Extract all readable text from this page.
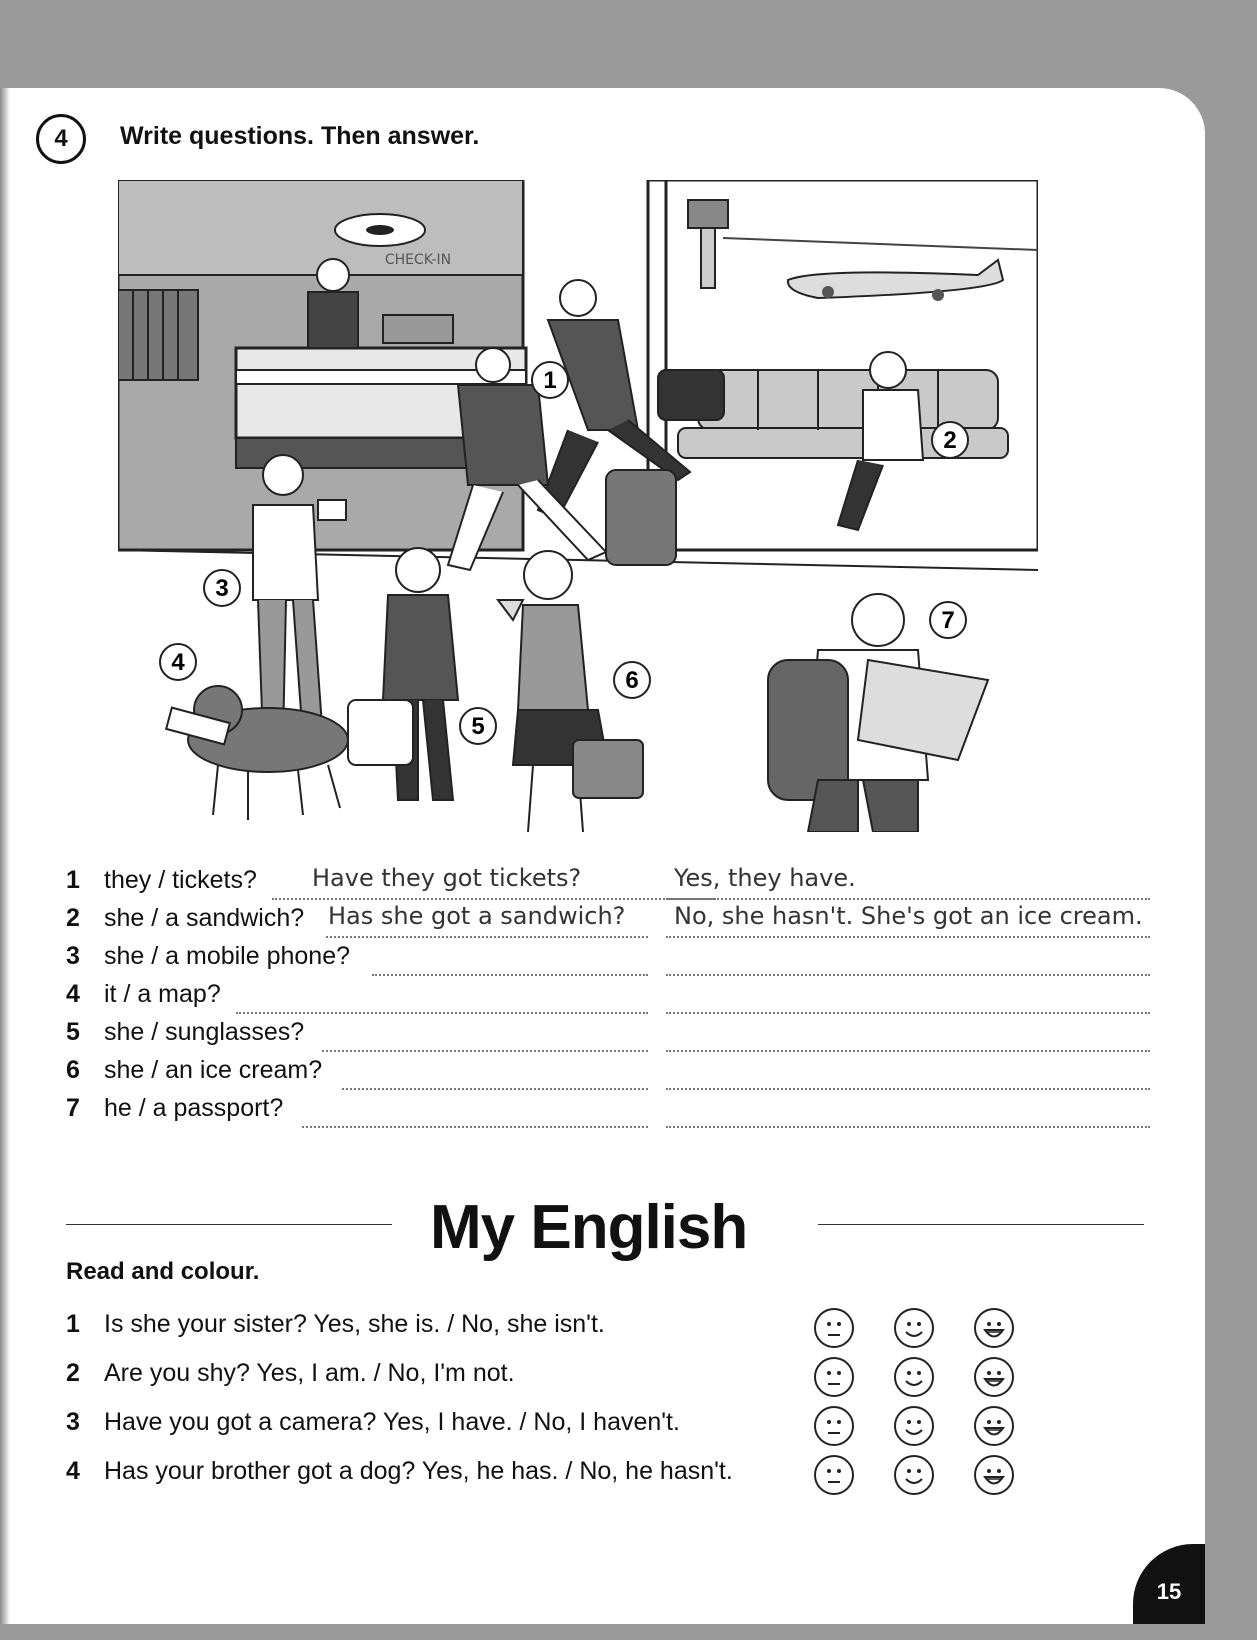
4	Write questions. Then answer.
CHECK-IN
1
2
3
4
5
6
7
1 they / tickets? Have they got tickets?	Yes, they have.
2 she / a sandwich? Has she got a sandwich? No, she hasn't. She's got an ice cream.
3 she / a mobile phone?
4 it / a map?
5 she / sunglasses?
6 she / an ice cream?
7 he / a passport?
My English
Read and colour.
1 Is she your sister? Yes, she is. / No, she isn't.
2 Are you shy? Yes, I am. / No, I'm not.
3 Have you got a camera? Yes, I have. / No, I haven't.
4 Has your brother got a dog? Yes, he has. / No, he hasn't.
15
